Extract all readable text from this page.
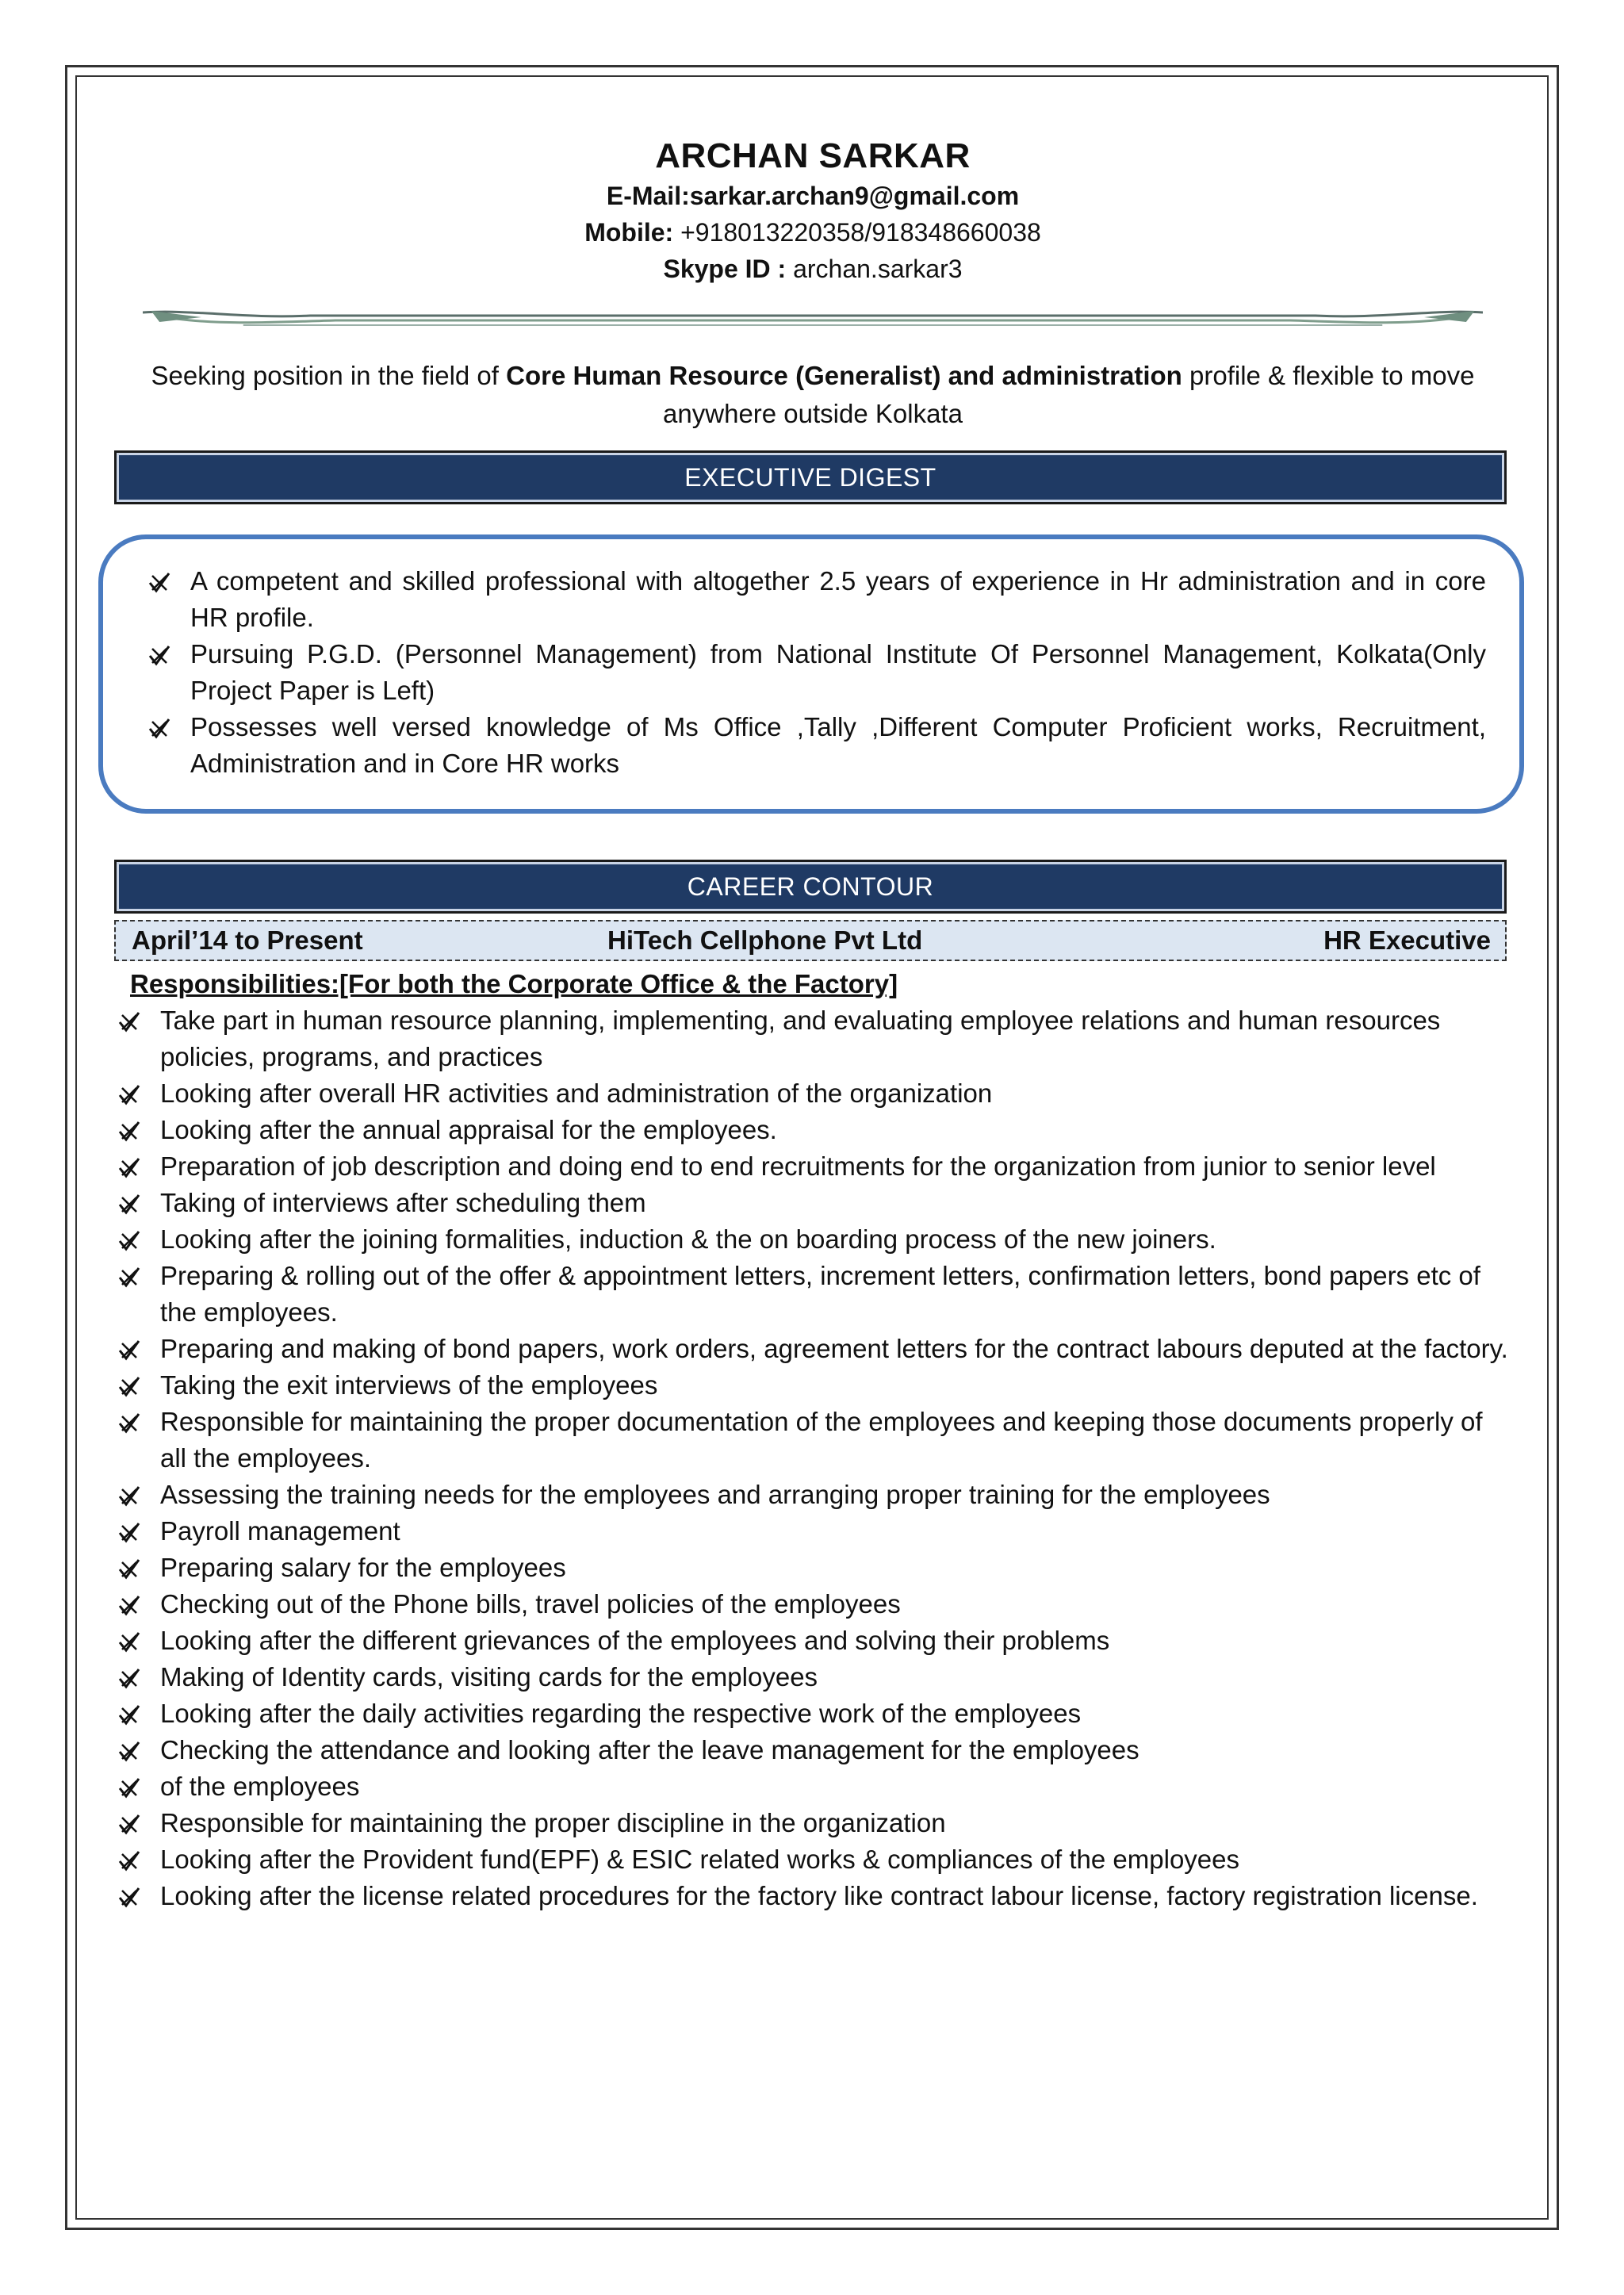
ARCHAN SARKAR
E-Mail:sarkar.archan9@gmail.com
Mobile: +918013220358/918348660038
Skype ID : archan.sarkar3

Seeking position in the field of Core Human Resource (Generalist) and administration profile & flexible to move anywhere outside Kolkata

EXECUTIVE DIGEST
A competent and skilled professional with altogether 2.5 years of experience in Hr administration and in core HR profile.
Pursuing P.G.D. (Personnel Management) from National Institute Of Personnel Management, Kolkata(Only Project Paper is Left)
Possesses well versed knowledge of Ms Office ,Tally ,Different Computer Proficient works, Recruitment, Administration and in Core HR works
CAREER CONTOUR
April’14 to Present	HiTech Cellphone Pvt Ltd	HR Executive
Responsibilities:[For both the Corporate Office & the Factory]
Take part in human resource planning, implementing, and evaluating employee relations and human resources policies, programs, and practices
Looking after overall HR activities and administration of the organization
Looking after the annual appraisal for the employees.
Preparation of job description and doing end to end recruitments for the organization from junior to senior level
Taking of interviews after scheduling them
Looking after the joining formalities, induction & the on boarding process of the new joiners.
Preparing & rolling out of the offer & appointment letters, increment letters, confirmation letters, bond papers etc of the employees.
Preparing and making of bond papers, work orders, agreement letters for the contract labours deputed at the factory.
Taking the exit interviews of the employees
Responsible for maintaining the proper documentation of the employees and keeping those documents properly of all the employees.
Assessing the training needs for the employees and arranging proper training for the employees
Payroll management
Preparing salary for the employees
Checking out of the Phone bills, travel policies of the employees
Looking after the different grievances of the employees and solving their problems
Making of Identity cards, visiting cards for the employees
Looking after the daily activities regarding the respective work of the employees
Checking the attendance and looking after the leave management for the employees
of the employees
Responsible for maintaining the proper discipline in the organization
Looking after the Provident fund(EPF) & ESIC related works & compliances of the employees
Looking after the license related procedures for the factory like contract labour license, factory registration license.
